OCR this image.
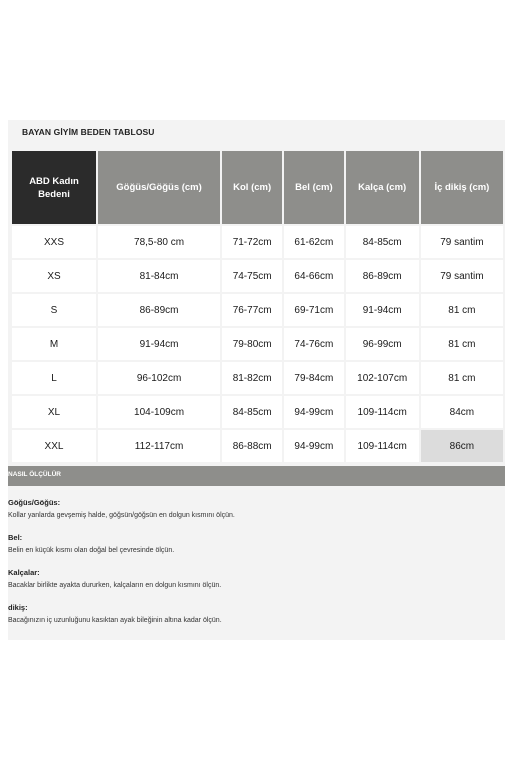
BAYAN GİYİM BEDEN TABLOSU
ABD Kadın Bedeni	Göğüs/Göğüs (cm)	Kol (cm)	Bel (cm)	Kalça (cm)	İç dikiş (cm)
XXS	78,5-80 cm	71-72cm	61-62cm	84-85cm	79 santim
XS	81-84cm	74-75cm	64-66cm	86-89cm	79 santim
S	86-89cm	76-77cm	69-71cm	91-94cm	81 cm
M	91-94cm	79-80cm	74-76cm	96-99cm	81 cm
L	96-102cm	81-82cm	79-84cm	102-107cm	81 cm
XL	104-109cm	84-85cm	94-99cm	109-114cm	84cm
XXL	112-117cm	86-88cm	94-99cm	109-114cm	86cm
NASIL ÖLÇÜLÜR
Göğüs/Göğüs:
Kollar yanlarda gevşemiş halde, göğsün/göğsün en dolgun kısmını ölçün.
Bel:
Belin en küçük kısmı olan doğal bel çevresinde ölçün.
Kalçalar:
Bacaklar birlikte ayakta dururken, kalçaların en dolgun kısmını ölçün.
dikiş:
Bacağınızın iç uzunluğunu kasıktan ayak bileğinin altına kadar ölçün.
